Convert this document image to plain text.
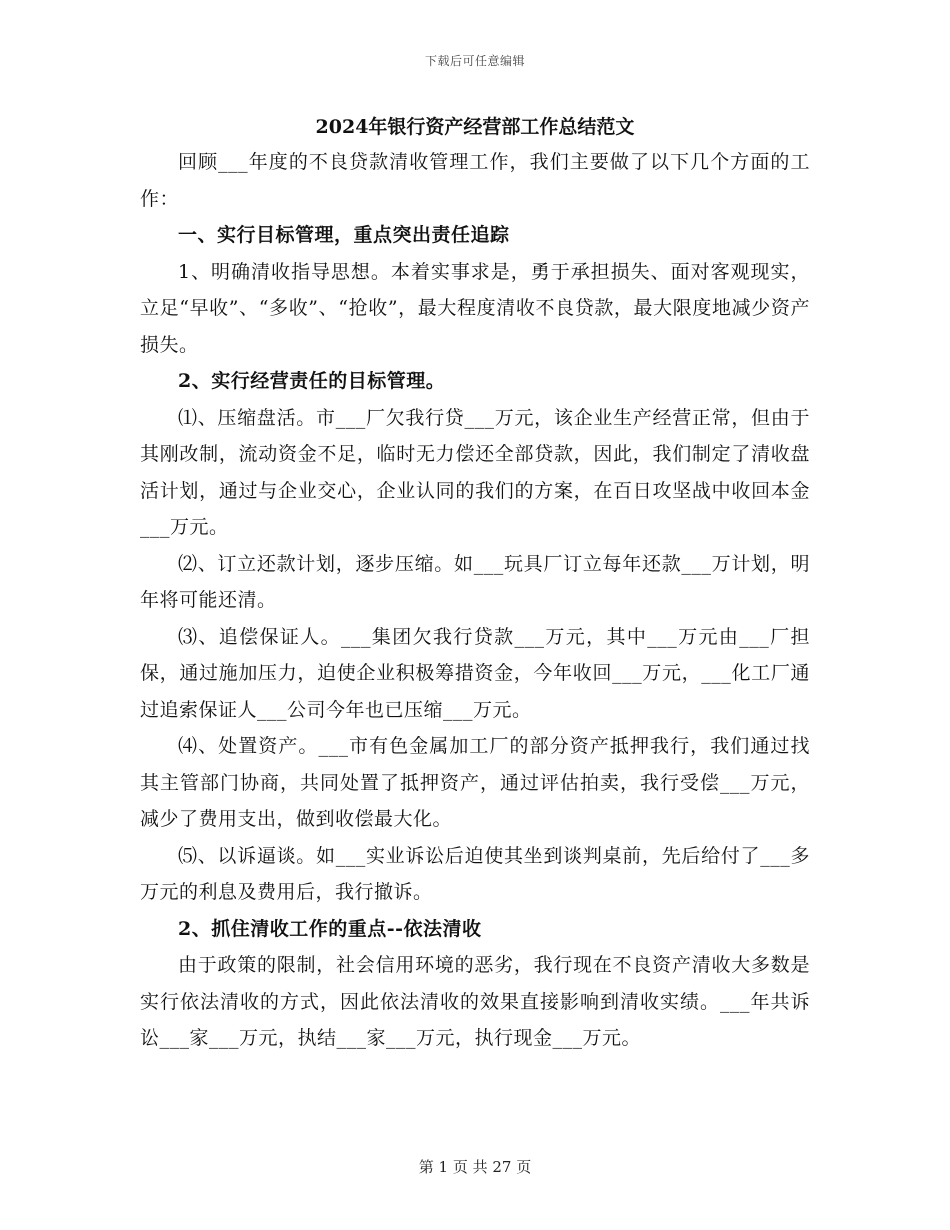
下载后可任意编辑
2024年银行资产经营部工作总结范文

回顾___年度的不良贷款清收管理工作，我们主要做了以下几个方面的工作：

一、实行目标管理，重点突出责任追踪

1、明确清收指导思想。本着实事求是，勇于承担损失、面对客观现实，立足“早收”、“多收”、“抢收”，最大程度清收不良贷款，最大限度地减少资产损失。

2、实行经营责任的目标管理。

⑴、压缩盘活。市___厂欠我行贷___万元，该企业生产经营正常，但由于其刚改制，流动资金不足，临时无力偿还全部贷款，因此，我们制定了清收盘活计划，通过与企业交心，企业认同的我们的方案，在百日攻坚战中收回本金___万元。

⑵、订立还款计划，逐步压缩。如___玩具厂订立每年还款___万计划，明年将可能还清。

⑶、追偿保证人。___集团欠我行贷款___万元，其中___万元由___厂担保，通过施加压力，迫使企业积极筹措资金，今年收回___万元，___化工厂通过追索保证人___公司今年也已压缩___万元。

⑷、处置资产。___市有色金属加工厂的部分资产抵押我行，我们通过找其主管部门协商，共同处置了抵押资产，通过评估拍卖，我行受偿___万元，减少了费用支出，做到收偿最大化。

⑸、以诉逼谈。如___实业诉讼后迫使其坐到谈判桌前，先后给付了___多万元的利息及费用后，我行撤诉。

2、抓住清收工作的重点--依法清收

由于政策的限制，社会信用环境的恶劣，我行现在不良资产清收大多数是实行依法清收的方式，因此依法清收的效果直接影响到清收实绩。___年共诉讼___家___万元，执结___家___万元，执行现金___万元。

第 1 页 共 27 页
